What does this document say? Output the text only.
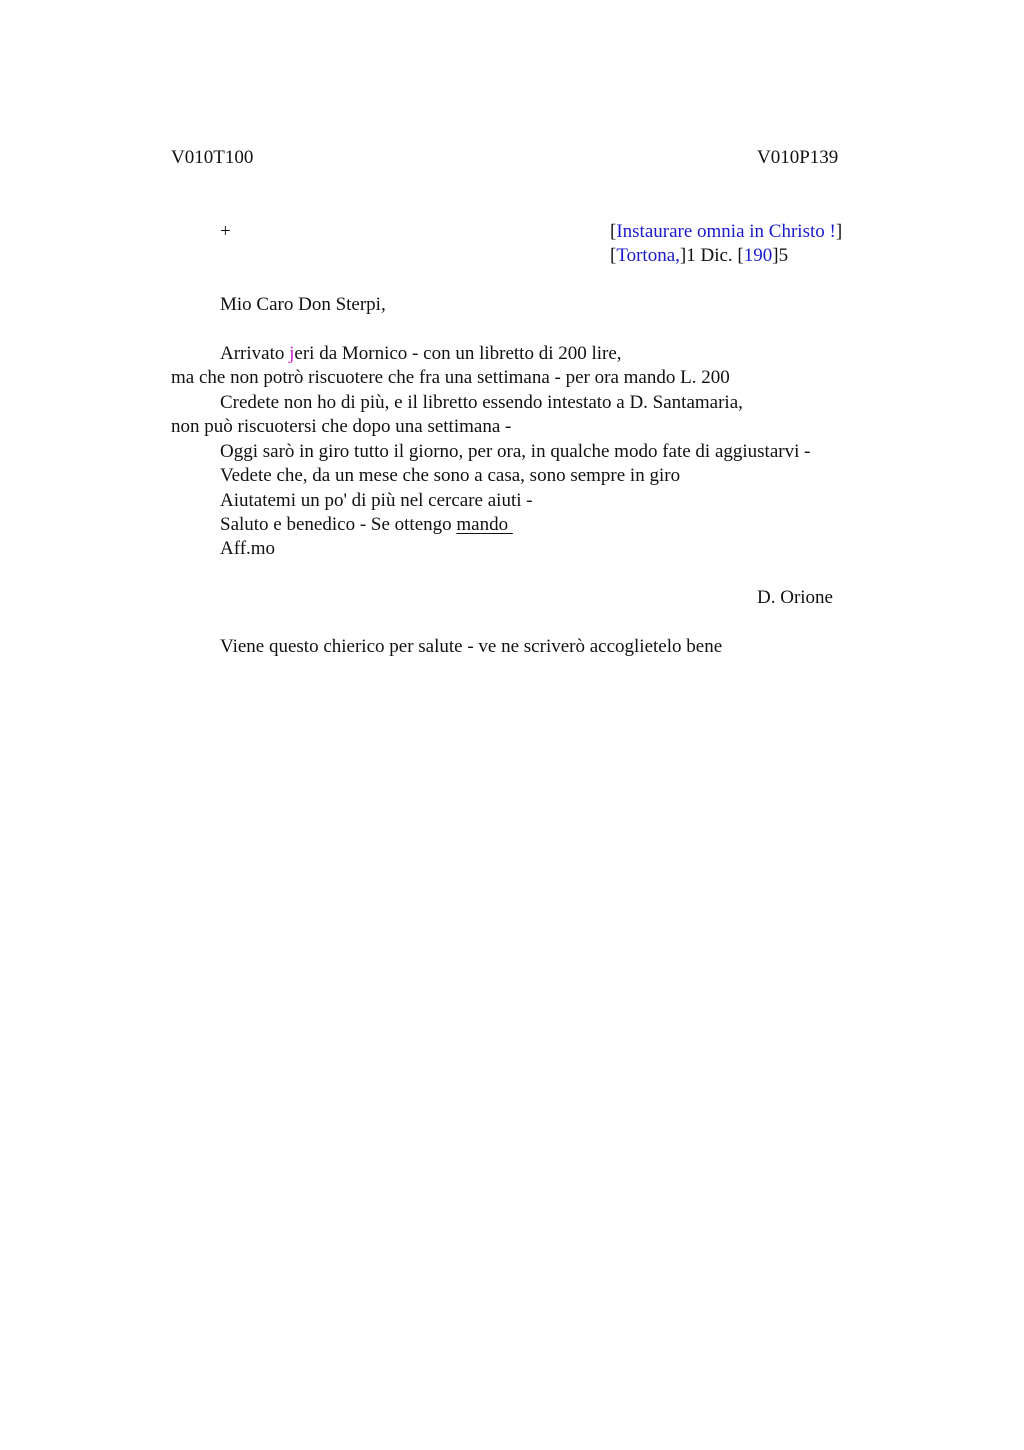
V010T100	V010P139
+	[Instaurare omnia in Christo !]
[Tortona,]1 Dic. [190]5
Mio Caro Don Sterpi,
Arrivato jeri da Mornico - con un libretto di 200 lire,
ma che non potrò riscuotere che fra una settimana - per ora mando L. 200
Credete non ho di più, e il libretto essendo intestato a D. Santamaria,
non può riscuotersi che dopo una settimana -
Oggi sarò in giro tutto il giorno, per ora, in qualche modo fate di aggiustarvi -
Vedete che, da un mese che sono a casa, sono sempre in giro
Aiutatemi un po' di più nel cercare aiuti -
Saluto e benedico - Se ottengo mando
Aff.mo
D. Orione
Viene questo chierico per salute - ve ne scriverò accoglietelo bene
